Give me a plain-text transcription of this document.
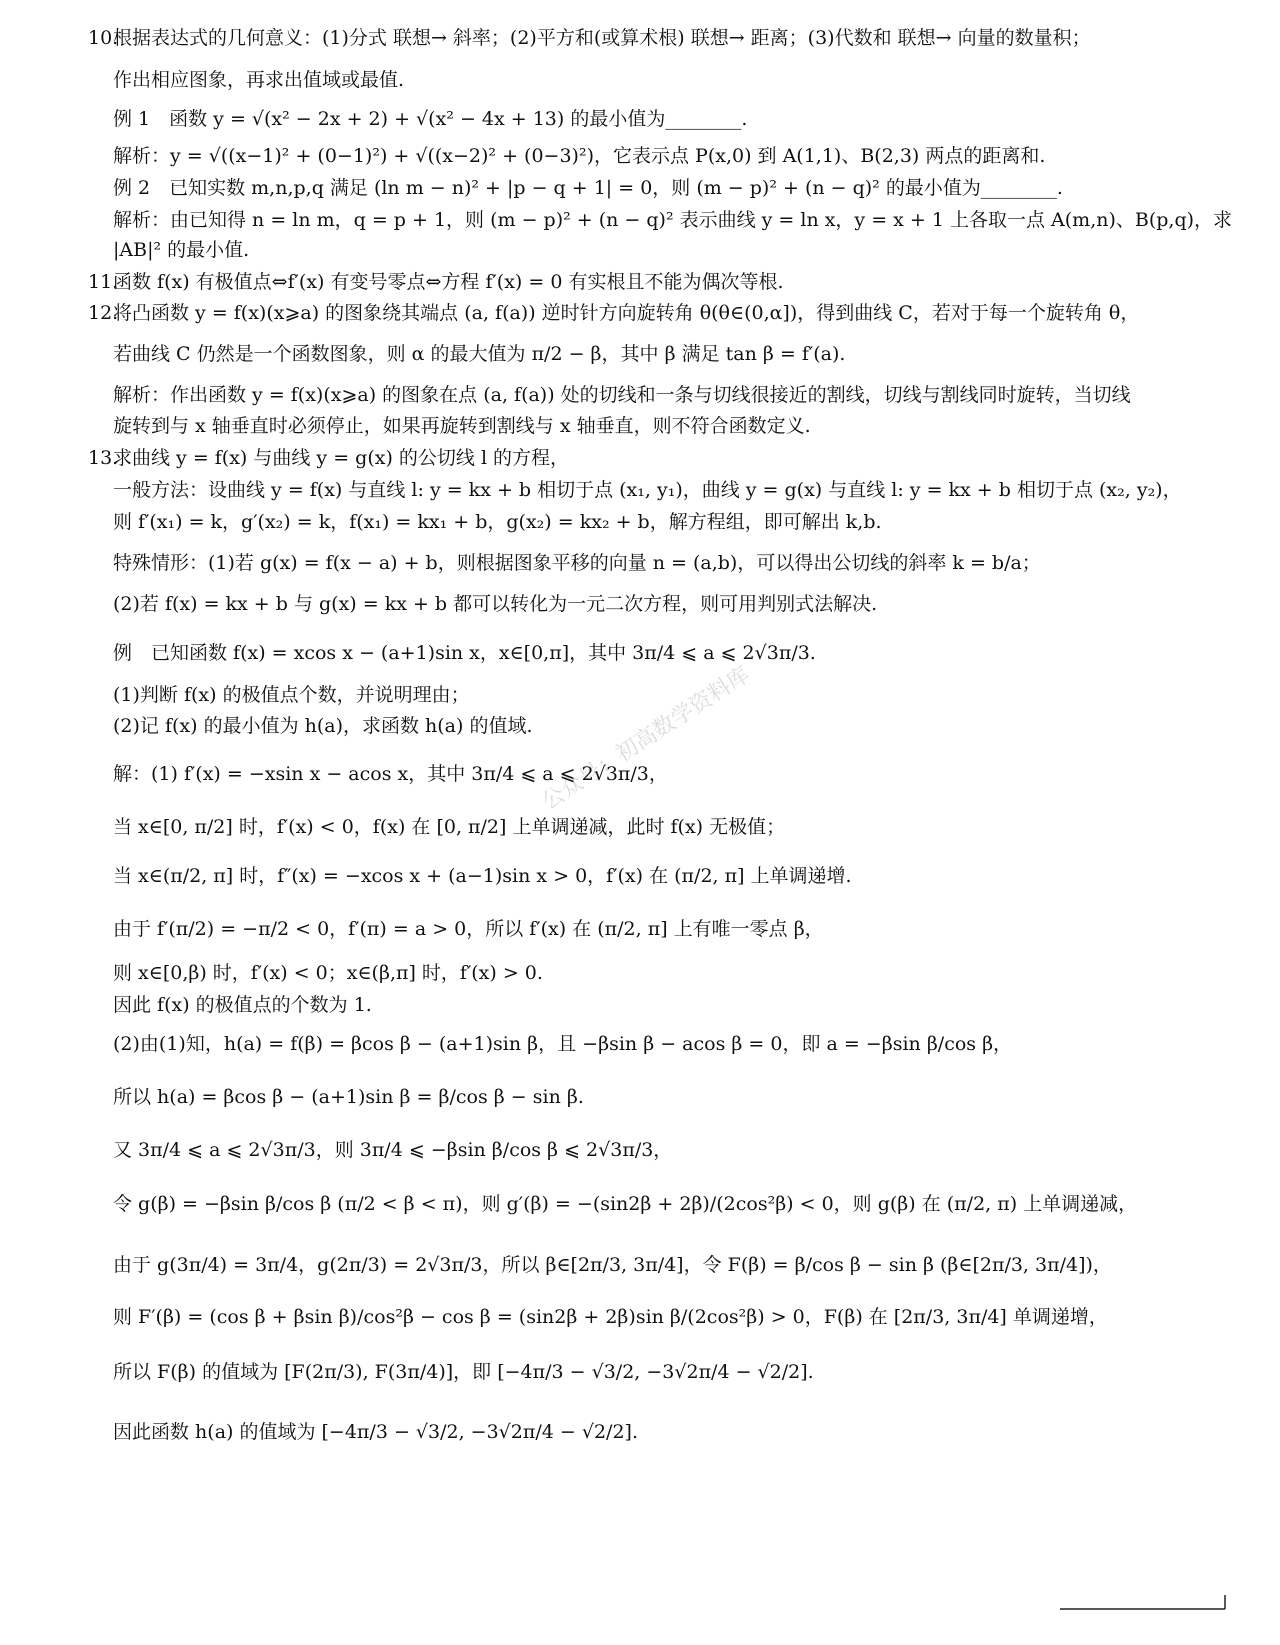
公众号：初高数学资料库
10.
根据表达式的几何意义：(1)分式 联想→ 斜率；(2)平方和(或算术根) 联想→ 距离；(3)代数和 联想→ 向量的数量积；
作出相应图象，再求出值域或最值.
例 1　函数 y = √(x² − 2x + 2) + √(x² − 4x + 13) 的最小值为________.
解析：y = √((x−1)² + (0−1)²) + √((x−2)² + (0−3)²)，它表示点 P(x,0) 到 A(1,1)、B(2,3) 两点的距离和.
例 2　已知实数 m,n,p,q 满足 (ln m − n)² + |p − q + 1| = 0，则 (m − p)² + (n − q)² 的最小值为________.
解析：由已知得 n = ln m，q = p + 1，则 (m − p)² + (n − q)² 表示曲线 y = ln x，y = x + 1 上各取一点 A(m,n)、B(p,q)，求
|AB|² 的最小值.
11.
函数 f(x) 有极值点⇔f′(x) 有变号零点⇔方程 f′(x) = 0 有实根且不能为偶次等根.
12.
将凸函数 y = f(x)(x⩾a) 的图象绕其端点 (a, f(a)) 逆时针方向旋转角 θ(θ∈(0,α])，得到曲线 C，若对于每一个旋转角 θ，
若曲线 C 仍然是一个函数图象，则 α 的最大值为 π/2 − β，其中 β 满足 tan β = f′(a).
解析：作出函数 y = f(x)(x⩾a) 的图象在点 (a, f(a)) 处的切线和一条与切线很接近的割线，切线与割线同时旋转，当切线
旋转到与 x 轴垂直时必须停止，如果再旋转到割线与 x 轴垂直，则不符合函数定义.
13.
求曲线 y = f(x) 与曲线 y = g(x) 的公切线 l 的方程，
一般方法：设曲线 y = f(x) 与直线 l: y = kx + b 相切于点 (x₁, y₁)，曲线 y = g(x) 与直线 l: y = kx + b 相切于点 (x₂, y₂)，
则 f′(x₁) = k，g′(x₂) = k，f(x₁) = kx₁ + b，g(x₂) = kx₂ + b，解方程组，即可解出 k,b.
特殊情形：(1)若 g(x) = f(x − a) + b，则根据图象平移的向量 n = (a,b)，可以得出公切线的斜率 k = b/a；
(2)若 f(x) = kx + b 与 g(x) = kx + b 都可以转化为一元二次方程，则可用判别式法解决.
例　已知函数 f(x) = xcos x − (a+1)sin x，x∈[0,π]，其中 3π/4 ⩽ a ⩽ 2√3π/3.
(1)判断 f(x) 的极值点个数，并说明理由；
(2)记 f(x) 的最小值为 h(a)，求函数 h(a) 的值域.
解：(1) f′(x) = −xsin x − acos x，其中 3π/4 ⩽ a ⩽ 2√3π/3，
当 x∈[0, π/2] 时，f′(x) < 0，f(x) 在 [0, π/2] 上单调递减，此时 f(x) 无极值；
当 x∈(π/2, π] 时，f″(x) = −xcos x + (a−1)sin x > 0，f′(x) 在 (π/2, π] 上单调递增.
由于 f′(π/2) = −π/2 < 0，f′(π) = a > 0，所以 f′(x) 在 (π/2, π] 上有唯一零点 β，
则 x∈[0,β) 时，f′(x) < 0；x∈(β,π] 时，f′(x) > 0.
因此 f(x) 的极值点的个数为 1.
(2)由(1)知，h(a) = f(β) = βcos β − (a+1)sin β，且 −βsin β − acos β = 0，即 a = −βsin β/cos β，
所以 h(a) = βcos β − (a+1)sin β = β/cos β − sin β.
又 3π/4 ⩽ a ⩽ 2√3π/3，则 3π/4 ⩽ −βsin β/cos β ⩽ 2√3π/3，
令 g(β) = −βsin β/cos β (π/2 < β < π)，则 g′(β) = −(sin2β + 2β)/(2cos²β) < 0，则 g(β) 在 (π/2, π) 上单调递减，
由于 g(3π/4) = 3π/4，g(2π/3) = 2√3π/3，所以 β∈[2π/3, 3π/4]，令 F(β) = β/cos β − sin β (β∈[2π/3, 3π/4])，
则 F′(β) = (cos β + βsin β)/cos²β − cos β = (sin2β + 2β)sin β/(2cos²β) > 0，F(β) 在 [2π/3, 3π/4] 单调递增，
所以 F(β) 的值域为 [F(2π/3), F(3π/4)]，即 [−4π/3 − √3/2, −3√2π/4 − √2/2].
因此函数 h(a) 的值域为 [−4π/3 − √3/2, −3√2π/4 − √2/2].
